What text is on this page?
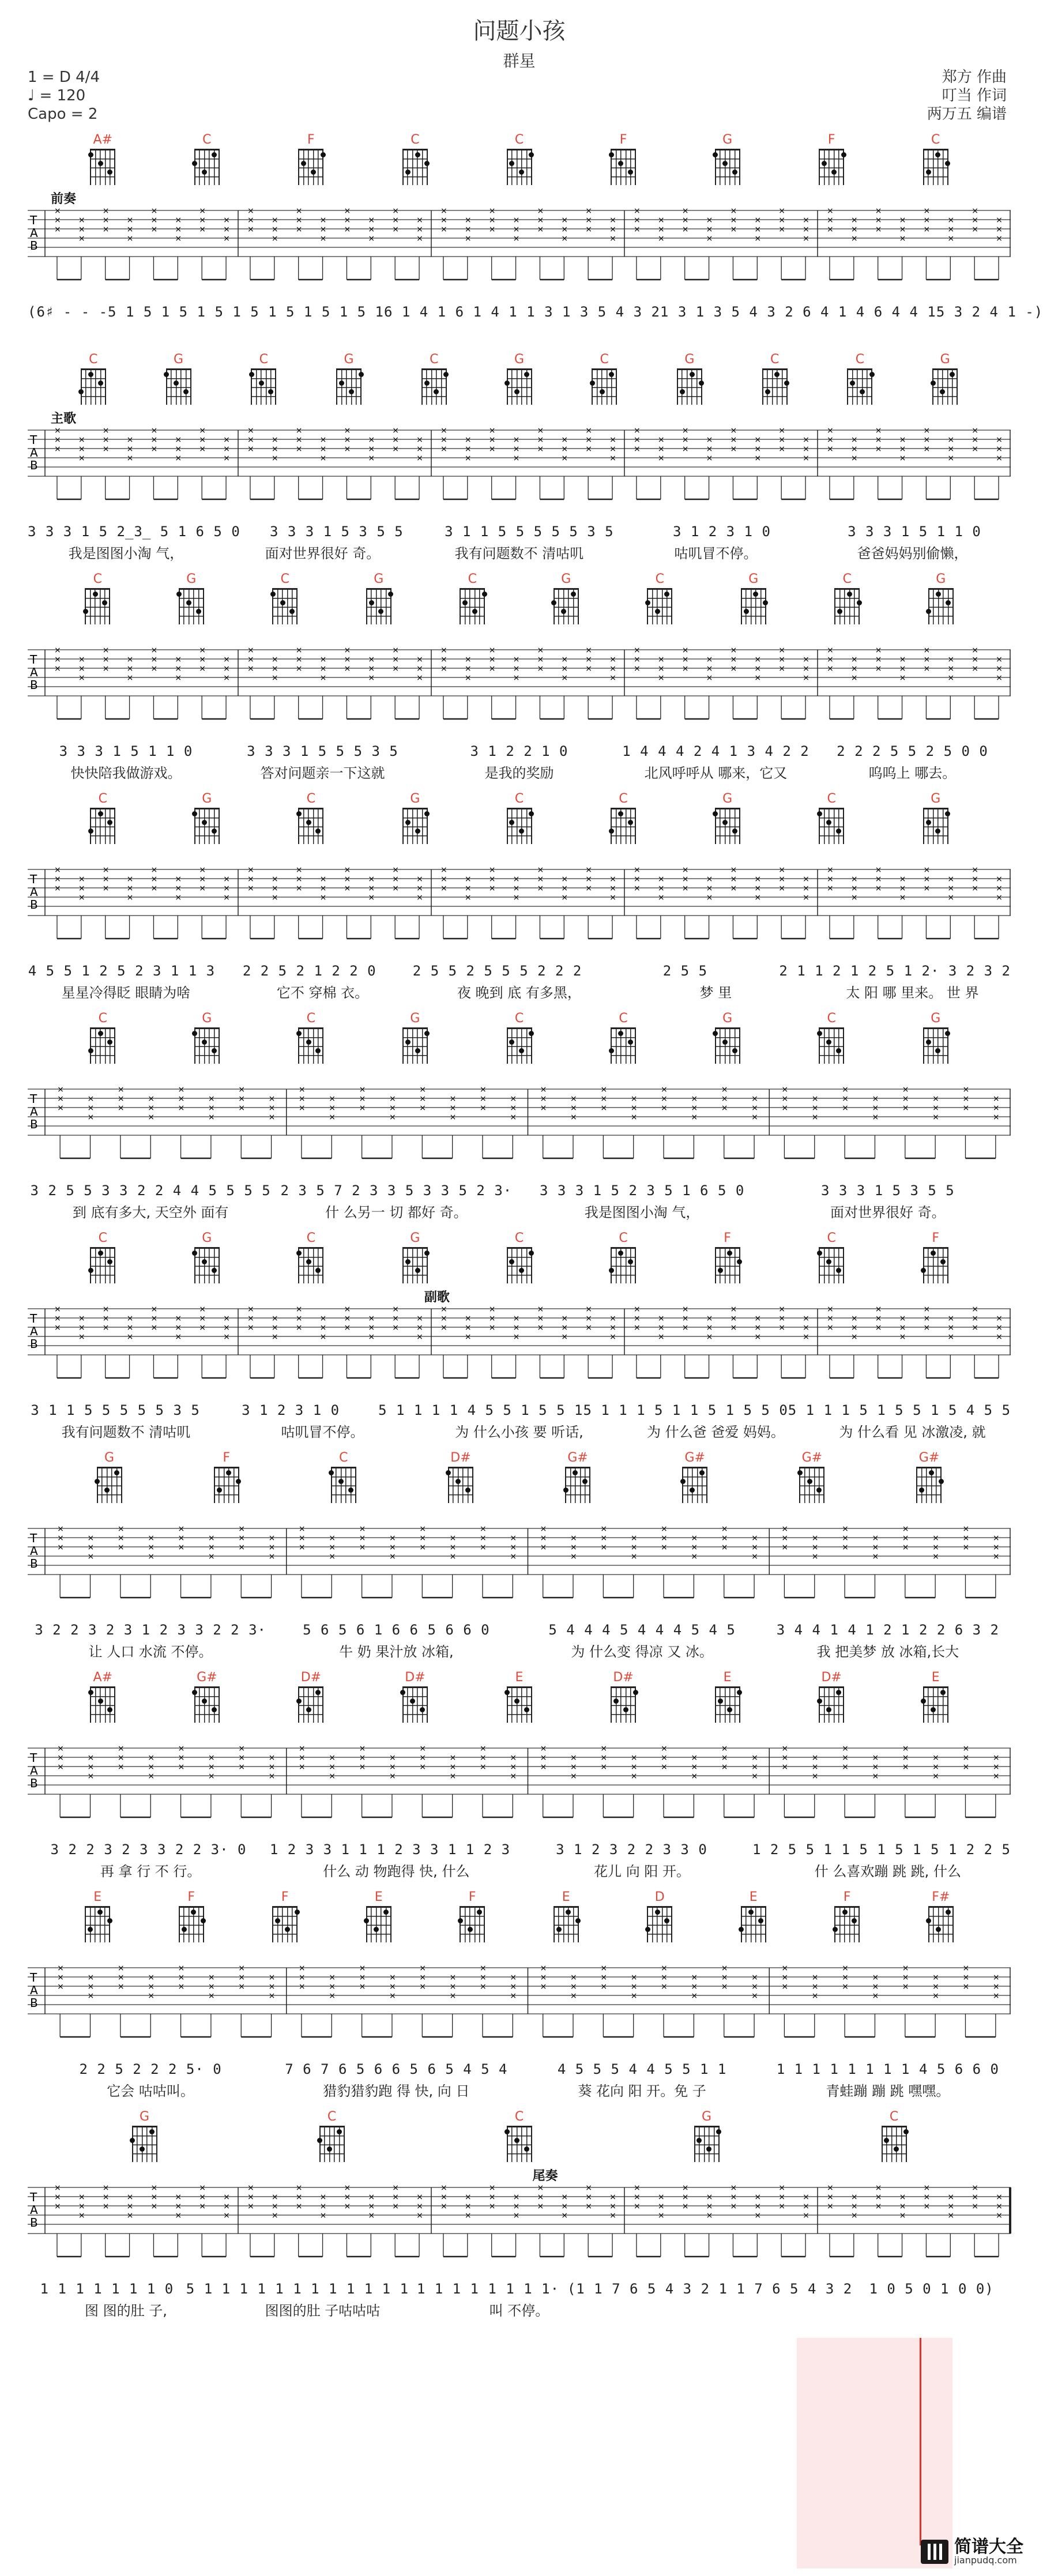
问题小孩
群星
1 = D 4/4
♩ = 120
Capo = 2
郑方 作曲
叮当 作词
两万五 编谱
A#	C	F	C	C	F	G	F	C
前奏
T
A
B
×
×
×
×
×
×
×
×
×
×
×
×
×
×
×
×
×
×
×
×
×
×
×
×
×
×
×
×
×
×
×
×
×
×
×
×
×
×
×
×
×
×
×
×
×
×
×
×
×
×
×
×
×
×
×
×
×
×
×
×
×
×
×
×
×
×
×
×
×
×
×
×
×
×
×
×
×
×
×
×
×
×
×
×
×
×
×
×
×
×
×
×
×
×
×
×
×
×
×
×
×
×
×
×
×
×
×
×
×
×
×
×
×
×
×
×
×
×
×
×
(6♯ - - - 5 1 5 1 5 1 5 1 5 1 5 1 5 1 5 1 6 1 4 1 6 1 4 1 1 3 1 3 5 4 3 2 1 3 1 3 5 4 3 2 6 4 1 4 6 4 4 1 5 3 2 4 1 -)
C	G	C	G	C	G	C	G	C	C	G
主歌
T
A
B
×
×
×
×
×
×
×
×
×
×
×
×
×
×
×
×
×
×
×
×
×
×
×
×
×
×
×
×
×
×
×
×
×
×
×
×
×
×
×
×
×
×
×
×
×
×
×
×
×
×
×
×
×
×
×
×
×
×
×
×
×
×
×
×
×
×
×
×
×
×
×
×
×
×
×
×
×
×
×
×
×
×
×
×
×
×
×
×
×
×
×
×
×
×
×
×
×
×
×
×
×
×
×
×
×
×
×
×
×
×
×
×
×
×
×
×
×
×
×
×
3 3 3 1 5 2̲3̲ 5 1 6 5 0	3 3 3 1 5 3 5 5	3 1 1 5 5 5 5 5 3 5	3 1 2 3 1 0	3 3 3 1 5 1 1 0
我是图图小淘 气，	面对世界很好 奇。	我有问题数不 清咕叽	咕叽冒不停。	爸爸妈妈别偷懒，
C	G	C	G	C	G	C	G	C	G
T
A
B
×
×
×
×
×
×
×
×
×
×
×
×
×
×
×
×
×
×
×
×
×
×
×
×
×
×
×
×
×
×
×
×
×
×
×
×
×
×
×
×
×
×
×
×
×
×
×
×
×
×
×
×
×
×
×
×
×
×
×
×
×
×
×
×
×
×
×
×
×
×
×
×
×
×
×
×
×
×
×
×
×
×
×
×
×
×
×
×
×
×
×
×
×
×
×
×
×
×
×
×
×
×
×
×
×
×
×
×
×
×
×
×
×
×
×
×
×
×
×
×
3 3 3 1 5 1 1 0	3 3 3 1 5 5 5 3 5	3 1 2 2 1 0	1 4 4 4 2 4 1 3 4 2 2	2 2 2 5 5 2 5 0 0
快快陪我做游戏。	答对问题亲一下这就	是我的奖励	北风呼呼从 哪来，它又	呜呜上 哪去。
C	G	C	G	C	C	G	C	G
T
A
B
×
×
×
×
×
×
×
×
×
×
×
×
×
×
×
×
×
×
×
×
×
×
×
×
×
×
×
×
×
×
×
×
×
×
×
×
×
×
×
×
×
×
×
×
×
×
×
×
×
×
×
×
×
×
×
×
×
×
×
×
×
×
×
×
×
×
×
×
×
×
×
×
×
×
×
×
×
×
×
×
×
×
×
×
×
×
×
×
×
×
×
×
×
×
×
×
×
×
×
×
×
×
×
×
×
×
×
×
×
×
×
×
×
×
×
×
×
×
×
×
4 5 5 1 2 5 2 3 1 1 3	2 2 5 2 1 2 2 0	2 5 5 2 5 5 5 2 2 2	2 5 5	2 1 1 2 1 2 5 1 2· 3 2 3 2
星星冷得眨 眼睛为啥	它不 穿棉 衣。	夜 晚到 底 有多黑，	梦 里	太 阳 哪 里来。 世 界
C	G	C	G	C	C	G	C	G
T
A
B
×
×
×
×
×
×
×
×
×
×
×
×
×
×
×
×
×
×
×
×
×
×
×
×
×
×
×
×
×
×
×
×
×
×
×
×
×
×
×
×
×
×
×
×
×
×
×
×
×
×
×
×
×
×
×
×
×
×
×
×
×
×
×
×
×
×
×
×
×
×
×
×
×
×
×
×
×
×
×
×
×
×
×
×
×
×
×
×
×
×
×
×
×
×
×
×
3 2 5 5 3 3 2 2 4 4 5 5 5 5 2 3 5 7 2 3 3 5 3 3 5 2 3·	3 3 3 1 5 2 3 5 1 6 5 0	3 3 3 1 5 3 5 5
到 底有多大, 天空外 面有	什 么另一 切 都好 奇。	我是图图小淘 气，	面对世界很好 奇。
C	G	C	G	C	C	F	C	F
副歌
T
A
B
×
×
×
×
×
×
×
×
×
×
×
×
×
×
×
×
×
×
×
×
×
×
×
×
×
×
×
×
×
×
×
×
×
×
×
×
×
×
×
×
×
×
×
×
×
×
×
×
×
×
×
×
×
×
×
×
×
×
×
×
×
×
×
×
×
×
×
×
×
×
×
×
×
×
×
×
×
×
×
×
×
×
×
×
×
×
×
×
×
×
×
×
×
×
×
×
×
×
×
×
×
×
×
×
×
×
×
×
×
×
×
×
×
×
×
×
×
×
×
×
3 1 1 5 5 5 5 5 3 5	3 1 2 3 1 0	5 1 1 1 1 4 5 5 1 5 5 1 5 1 1 1 5 1 1 5 1 5 5 0 5 1 1 1 5 1 5 5 1 5 4 5 5
我有问题数不 清咕叽	咕叽冒不停。	为 什么小孩 要 听话,	为 什么爸 爸爱 妈妈。	为 什么看 见 冰激凌, 就
G	F	C	D#	G#	G#	G#	G#
T
A
B
×
×
×
×
×
×
×
×
×
×
×
×
×
×
×
×
×
×
×
×
×
×
×
×
×
×
×
×
×
×
×
×
×
×
×
×
×
×
×
×
×
×
×
×
×
×
×
×
×
×
×
×
×
×
×
×
×
×
×
×
×
×
×
×
×
×
×
×
×
×
×
×
×
×
×
×
×
×
×
×
×
×
×
×
×
×
×
×
×
×
×
×
×
×
×
×
3 2 2 3 2 3 1 2 3 3 2 2 3·	5 6 5 6 1 6 6 5 6 6 0	5 4 4 4 5 4 4 4 5 4 5	3 4 4 1 4 1 2 1 2 2 6 3 2
让 人口 水流 不停。	牛 奶 果汁放 冰箱,	为 什么变 得凉 又 冰。	我 把美梦 放 冰箱,长大
A#	G#	D#	D#	E	D#	E	D#	E
T
A
B
×
×
×
×
×
×
×
×
×
×
×
×
×
×
×
×
×
×
×
×
×
×
×
×
×
×
×
×
×
×
×
×
×
×
×
×
×
×
×
×
×
×
×
×
×
×
×
×
×
×
×
×
×
×
×
×
×
×
×
×
×
×
×
×
×
×
×
×
×
×
×
×
×
×
×
×
×
×
×
×
×
×
×
×
×
×
×
×
×
×
×
×
×
×
×
×
3 2 2 3 2 3 3 2 2 3· 0	1 2 3 3 1 1 1 2 3 3 1 1 2 3	3 1 2 3 2 2 3 3 0	1 2 5 5 1 1 5 1 5 1 5 1 2 2 5
再 拿 行 不 行。	什么 动 物跑得 快, 什么	花儿 向 阳 开。	什 么喜欢蹦 跳 跳, 什么
E	F	F	E	F	E	D	E	F	F#
T
A
B
×
×
×
×
×
×
×
×
×
×
×
×
×
×
×
×
×
×
×
×
×
×
×
×
×
×
×
×
×
×
×
×
×
×
×
×
×
×
×
×
×
×
×
×
×
×
×
×
×
×
×
×
×
×
×
×
×
×
×
×
×
×
×
×
×
×
×
×
×
×
×
×
×
×
×
×
×
×
×
×
×
×
×
×
×
×
×
×
×
×
×
×
×
×
×
×
2 2 5 2 2 2 5· 0	7 6 7 6 5 6 6 5 6 5 4 5 4	4 5 5 5 4 4 5 5 1 1	1 1 1 1 1 1 1 1 4 5 6 6 0
它会 咕咕叫。	猎豹猎豹跑 得 快, 向 日	葵 花向 阳 开。免 子	青蛙蹦 蹦 跳 嘿嘿。
G	C	C	G	C
尾奏
T
A
B
×
×
×
×
×
×
×
×
×
×
×
×
×
×
×
×
×
×
×
×
×
×
×
×
×
×
×
×
×
×
×
×
×
×
×
×
×
×
×
×
×
×
×
×
×
×
×
×
×
×
×
×
×
×
×
×
×
×
×
×
×
×
×
×
×
×
×
×
×
×
×
×
×
×
×
×
×
×
×
×
×
×
×
×
×
×
×
×
×
×
×
×
×
×
×
×
×
×
×
×
×
×
×
×
×
×
×
×
×
×
×
×
×
×
×
×
×
×
×
×
1 1 1 1 1 1 1 0 5 1 1 1 1 1 1 1 1 1 1 1 1 1 1 1 1 1 1 1 1· (1 1 7 6 5 4 3 2 1 1 7 6 5 4 3 2	1 0 5 0 1 0 0)
图 图的肚 子,	图图的肚 子咕咕咕	叫 不停。
简谱大全
jianpudq.com
